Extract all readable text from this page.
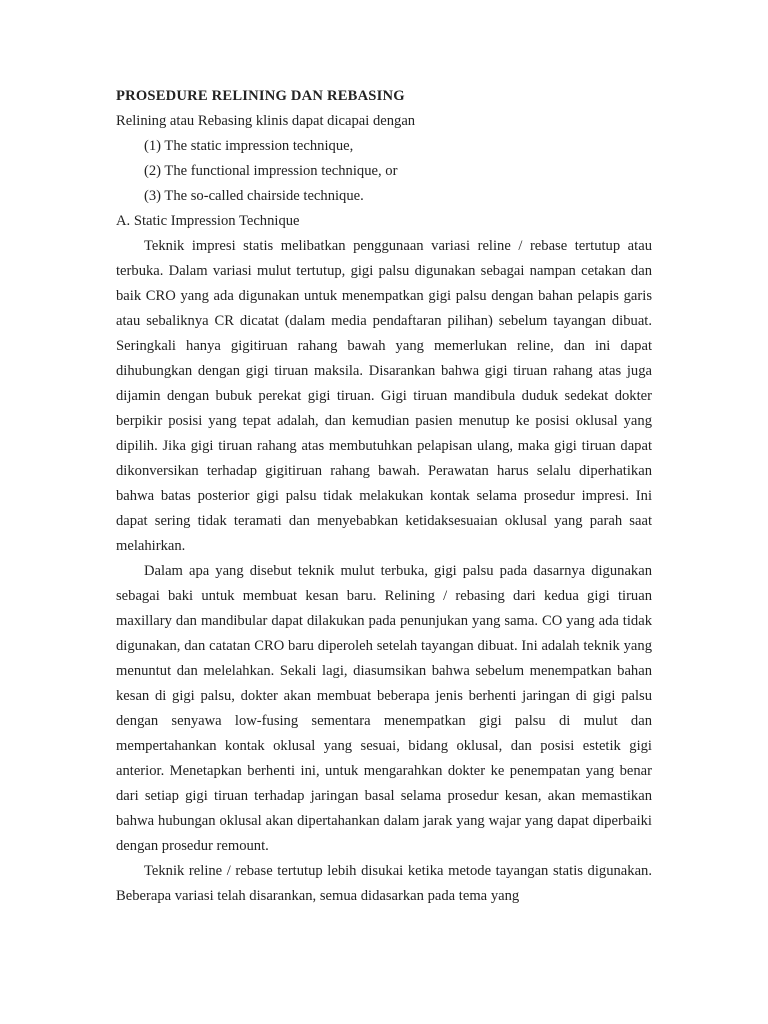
PROSEDURE RELINING DAN REBASING
Relining atau Rebasing klinis dapat dicapai dengan
(1) The static impression technique,
(2) The functional impression technique, or
(3) The so-called chairside technique.
A. Static Impression Technique

Teknik impresi statis melibatkan penggunaan variasi reline / rebase tertutup atau terbuka. Dalam variasi mulut tertutup, gigi palsu digunakan sebagai nampan cetakan dan baik CRO yang ada digunakan untuk menempatkan gigi palsu dengan bahan pelapis garis atau sebaliknya CR dicatat (dalam media pendaftaran pilihan) sebelum tayangan dibuat. Seringkali hanya gigitiruan rahang bawah yang memerlukan reline, dan ini dapat dihubungkan dengan gigi tiruan maksila. Disarankan bahwa gigi tiruan rahang atas juga dijamin dengan bubuk perekat gigi tiruan. Gigi tiruan mandibula duduk sedekat dokter berpikir posisi yang tepat adalah, dan kemudian pasien menutup ke posisi oklusal yang dipilih. Jika gigi tiruan rahang atas membutuhkan pelapisan ulang, maka gigi tiruan dapat dikonversikan terhadap gigitiruan rahang bawah. Perawatan harus selalu diperhatikan bahwa batas posterior gigi palsu tidak melakukan kontak selama prosedur impresi. Ini dapat sering tidak teramati dan menyebabkan ketidaksesuaian oklusal yang parah saat melahirkan.

Dalam apa yang disebut teknik mulut terbuka, gigi palsu pada dasarnya digunakan sebagai baki untuk membuat kesan baru. Relining / rebasing dari kedua gigi tiruan maxillary dan mandibular dapat dilakukan pada penunjukan yang sama. CO yang ada tidak digunakan, dan catatan CRO baru diperoleh setelah tayangan dibuat. Ini adalah teknik yang menuntut dan melelahkan. Sekali lagi, diasumsikan bahwa sebelum menempatkan bahan kesan di gigi palsu, dokter akan membuat beberapa jenis berhenti jaringan di gigi palsu dengan senyawa low-fusing sementara menempatkan gigi palsu di mulut dan mempertahankan kontak oklusal yang sesuai, bidang oklusal, dan posisi estetik gigi anterior. Menetapkan berhenti ini, untuk mengarahkan dokter ke penempatan yang benar dari setiap gigi tiruan terhadap jaringan basal selama prosedur kesan, akan memastikan bahwa hubungan oklusal akan dipertahankan dalam jarak yang wajar yang dapat diperbaiki dengan prosedur remount.

Teknik reline / rebase tertutup lebih disukai ketika metode tayangan statis digunakan. Beberapa variasi telah disarankan, semua didasarkan pada tema yang
